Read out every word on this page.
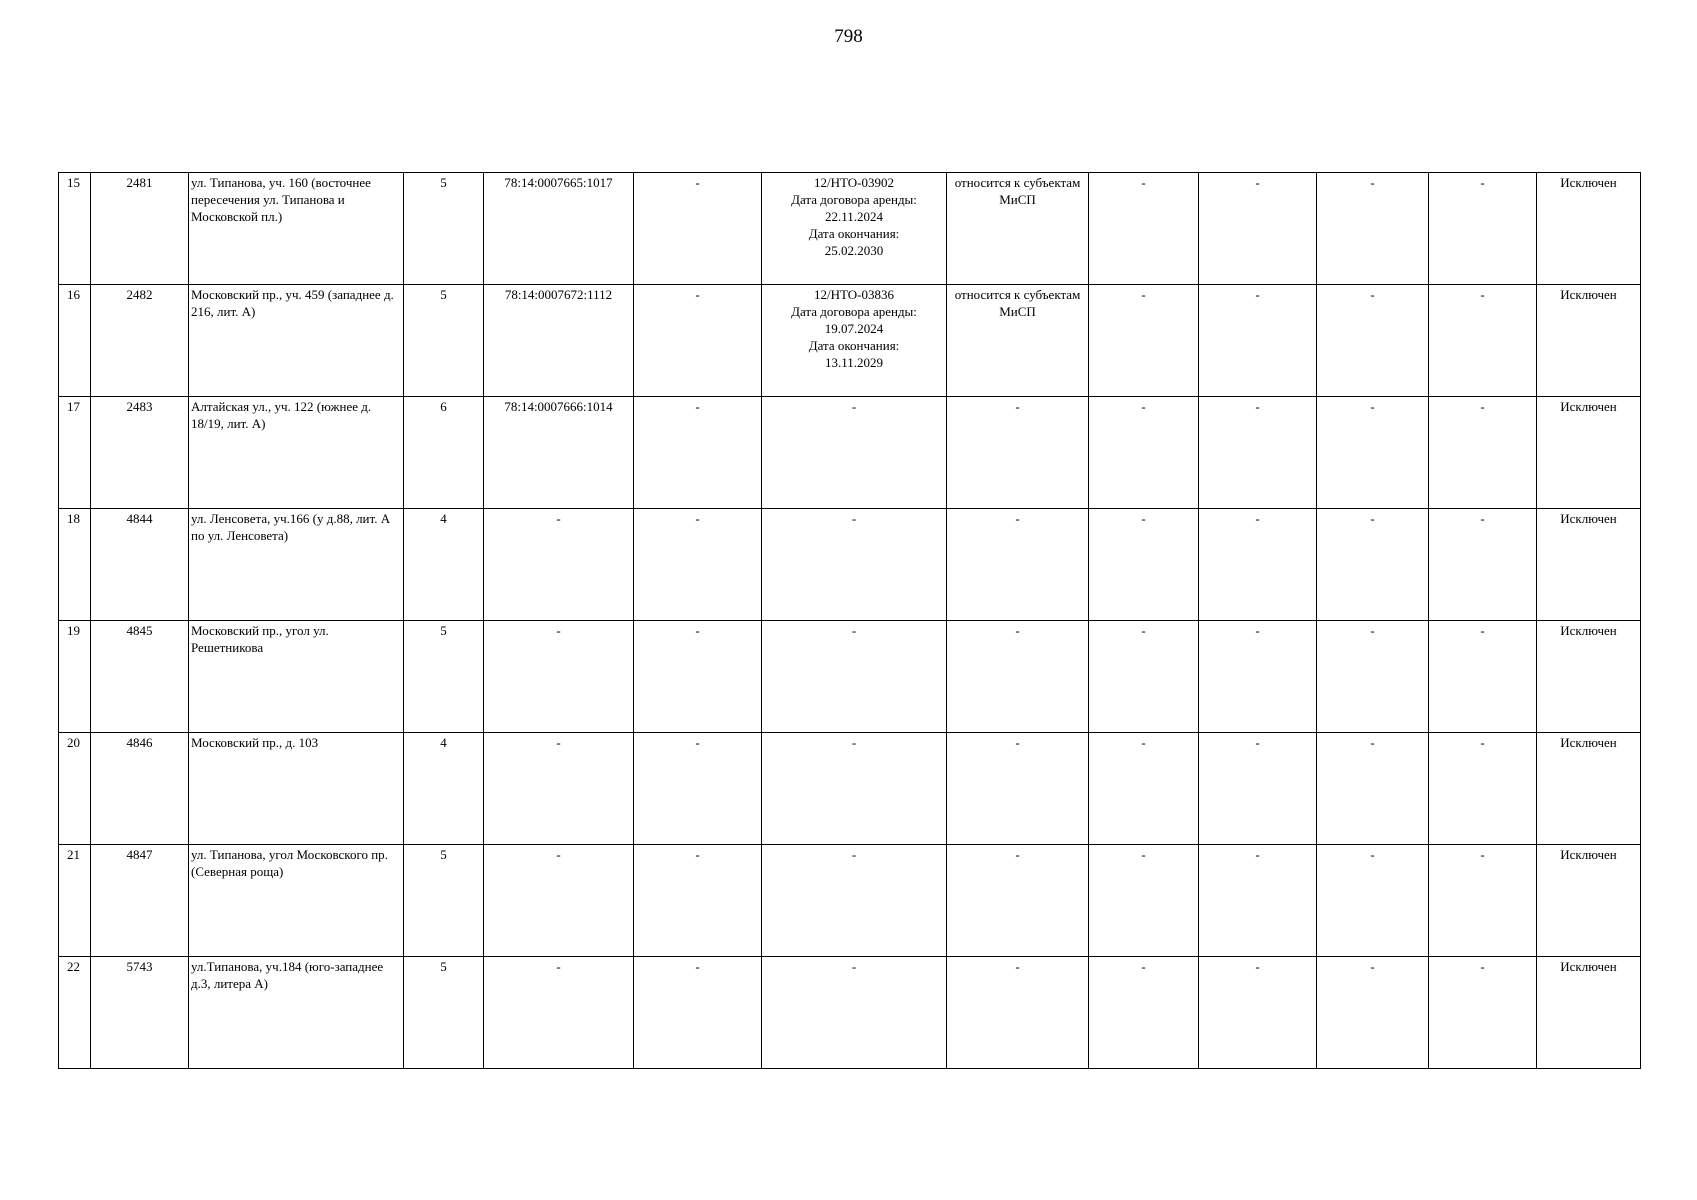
798
15	2481	ул. Типанова, уч. 160 (восточнее пересечения ул. Типанова и Московской пл.)	5	78:14:0007665:1017	-	12/НТО-03902
Дата договора аренды:
22.11.2024
Дата окончания:
25.02.2030	относится к субъектам МиСП	-	-	-	-	Исключен
16	2482	Московский пр., уч. 459 (западнее д. 216, лит. А)	5	78:14:0007672:1112	-	12/НТО-03836
Дата договора аренды:
19.07.2024
Дата окончания:
13.11.2029	относится к субъектам МиСП	-	-	-	-	Исключен
17	2483	Алтайская ул., уч. 122 (южнее д. 18/19, лит. А)	6	78:14:0007666:1014	-	-	-	-	-	-	-	Исключен
18	4844	ул. Ленсовета, уч.166 (у д.88, лит. А по ул. Ленсовета)	4	-	-	-	-	-	-	-	-	Исключен
19	4845	Московский пр., угол ул. Решетникова	5	-	-	-	-	-	-	-	-	Исключен
20	4846	Московский пр., д. 103	4	-	-	-	-	-	-	-	-	Исключен
21	4847	ул. Типанова, угол Московского пр. (Северная роща)	5	-	-	-	-	-	-	-	-	Исключен
22	5743	ул.Типанова, уч.184 (юго-западнее д.3, литера А)	5	-	-	-	-	-	-	-	-	Исключен
